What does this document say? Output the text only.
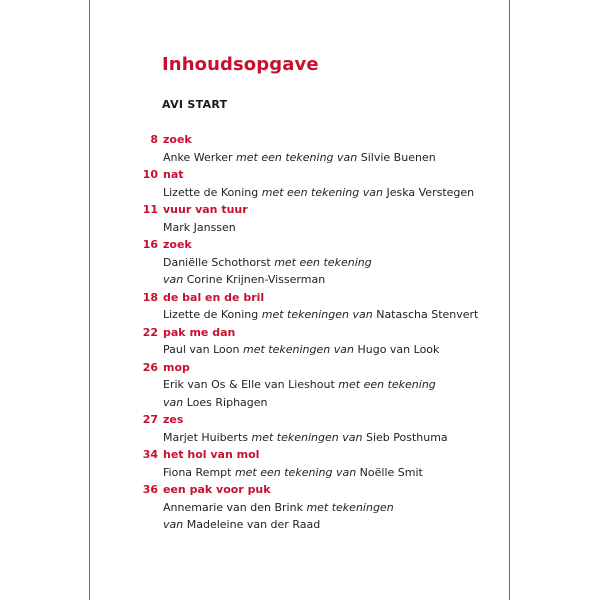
Inhoudsopgave
AVI START
8 zoek
Anke Werker met een tekening van Silvie Buenen
10 nat
Lizette de Koning met een tekening van Jeska Verstegen
11 vuur van tuur
Mark Janssen
16 zoek
Daniëlle Schothorst met een tekening
van Corine Krijnen-Visserman
18 de bal en de bril
Lizette de Koning met tekeningen van Natascha Stenvert
22 pak me dan
Paul van Loon met tekeningen van Hugo van Look
26 mop
Erik van Os & Elle van Lieshout met een tekening
van Loes Riphagen
27 zes
Marjet Huiberts met tekeningen van Sieb Posthuma
34 het hol van mol
Fiona Rempt met een tekening van Noëlle Smit
36 een pak voor puk
Annemarie van den Brink met tekeningen
van Madeleine van der Raad
